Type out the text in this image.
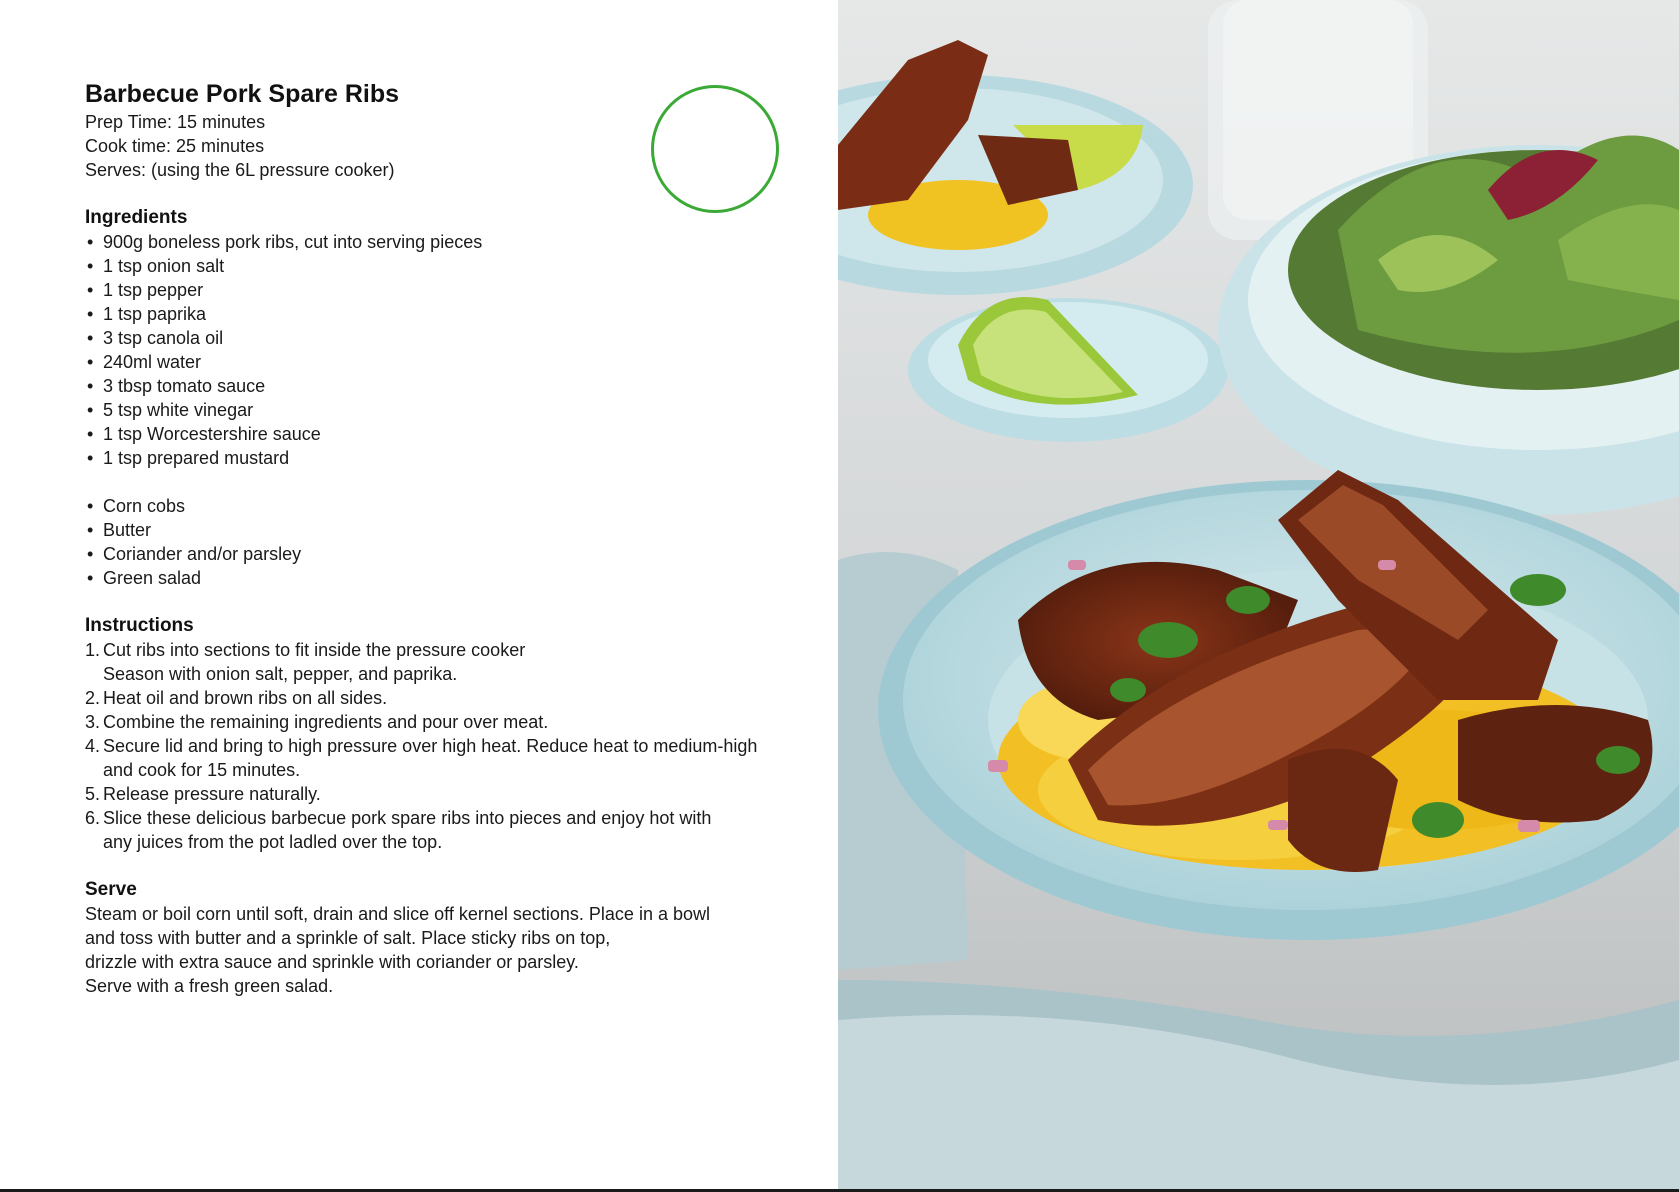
Barbecue Pork Spare Ribs

Prep Time: 15 minutes

Cook time: 25 minutes

Serves: (using the 6L pressure cooker)

Ingredients
• 900g boneless pork ribs, cut into serving pieces
• 1 tsp onion salt
• 1 tsp pepper
• 1 tsp paprika
• 3 tsp canola oil
• 240ml water
• 3 tbsp tomato sauce
• 5 tsp white vinegar
• 1 tsp Worcestershire sauce
• 1 tsp prepared mustard
• Corn cobs
• Butter
• Coriander and/or parsley
• Green salad
Instructions
1. Cut ribs into sections to fit inside the pressure cooker
Season with onion salt, pepper, and paprika.
2. Heat oil and brown ribs on all sides.
3. Combine the remaining ingredients and pour over meat.
4. Secure lid and bring to high pressure over high heat. Reduce heat to medium-high
and cook for 15 minutes.
5. Release pressure naturally.
6. Slice these delicious barbecue pork spare ribs into pieces and enjoy hot with
any juices from the pot ladled over the top.
Serve

Steam or boil corn until soft, drain and slice off kernel sections. Place in a bowl

and toss with butter and a sprinkle of salt. Place sticky ribs on top,

drizzle with extra sauce and sprinkle with coriander or parsley.

Serve with a fresh green salad.
